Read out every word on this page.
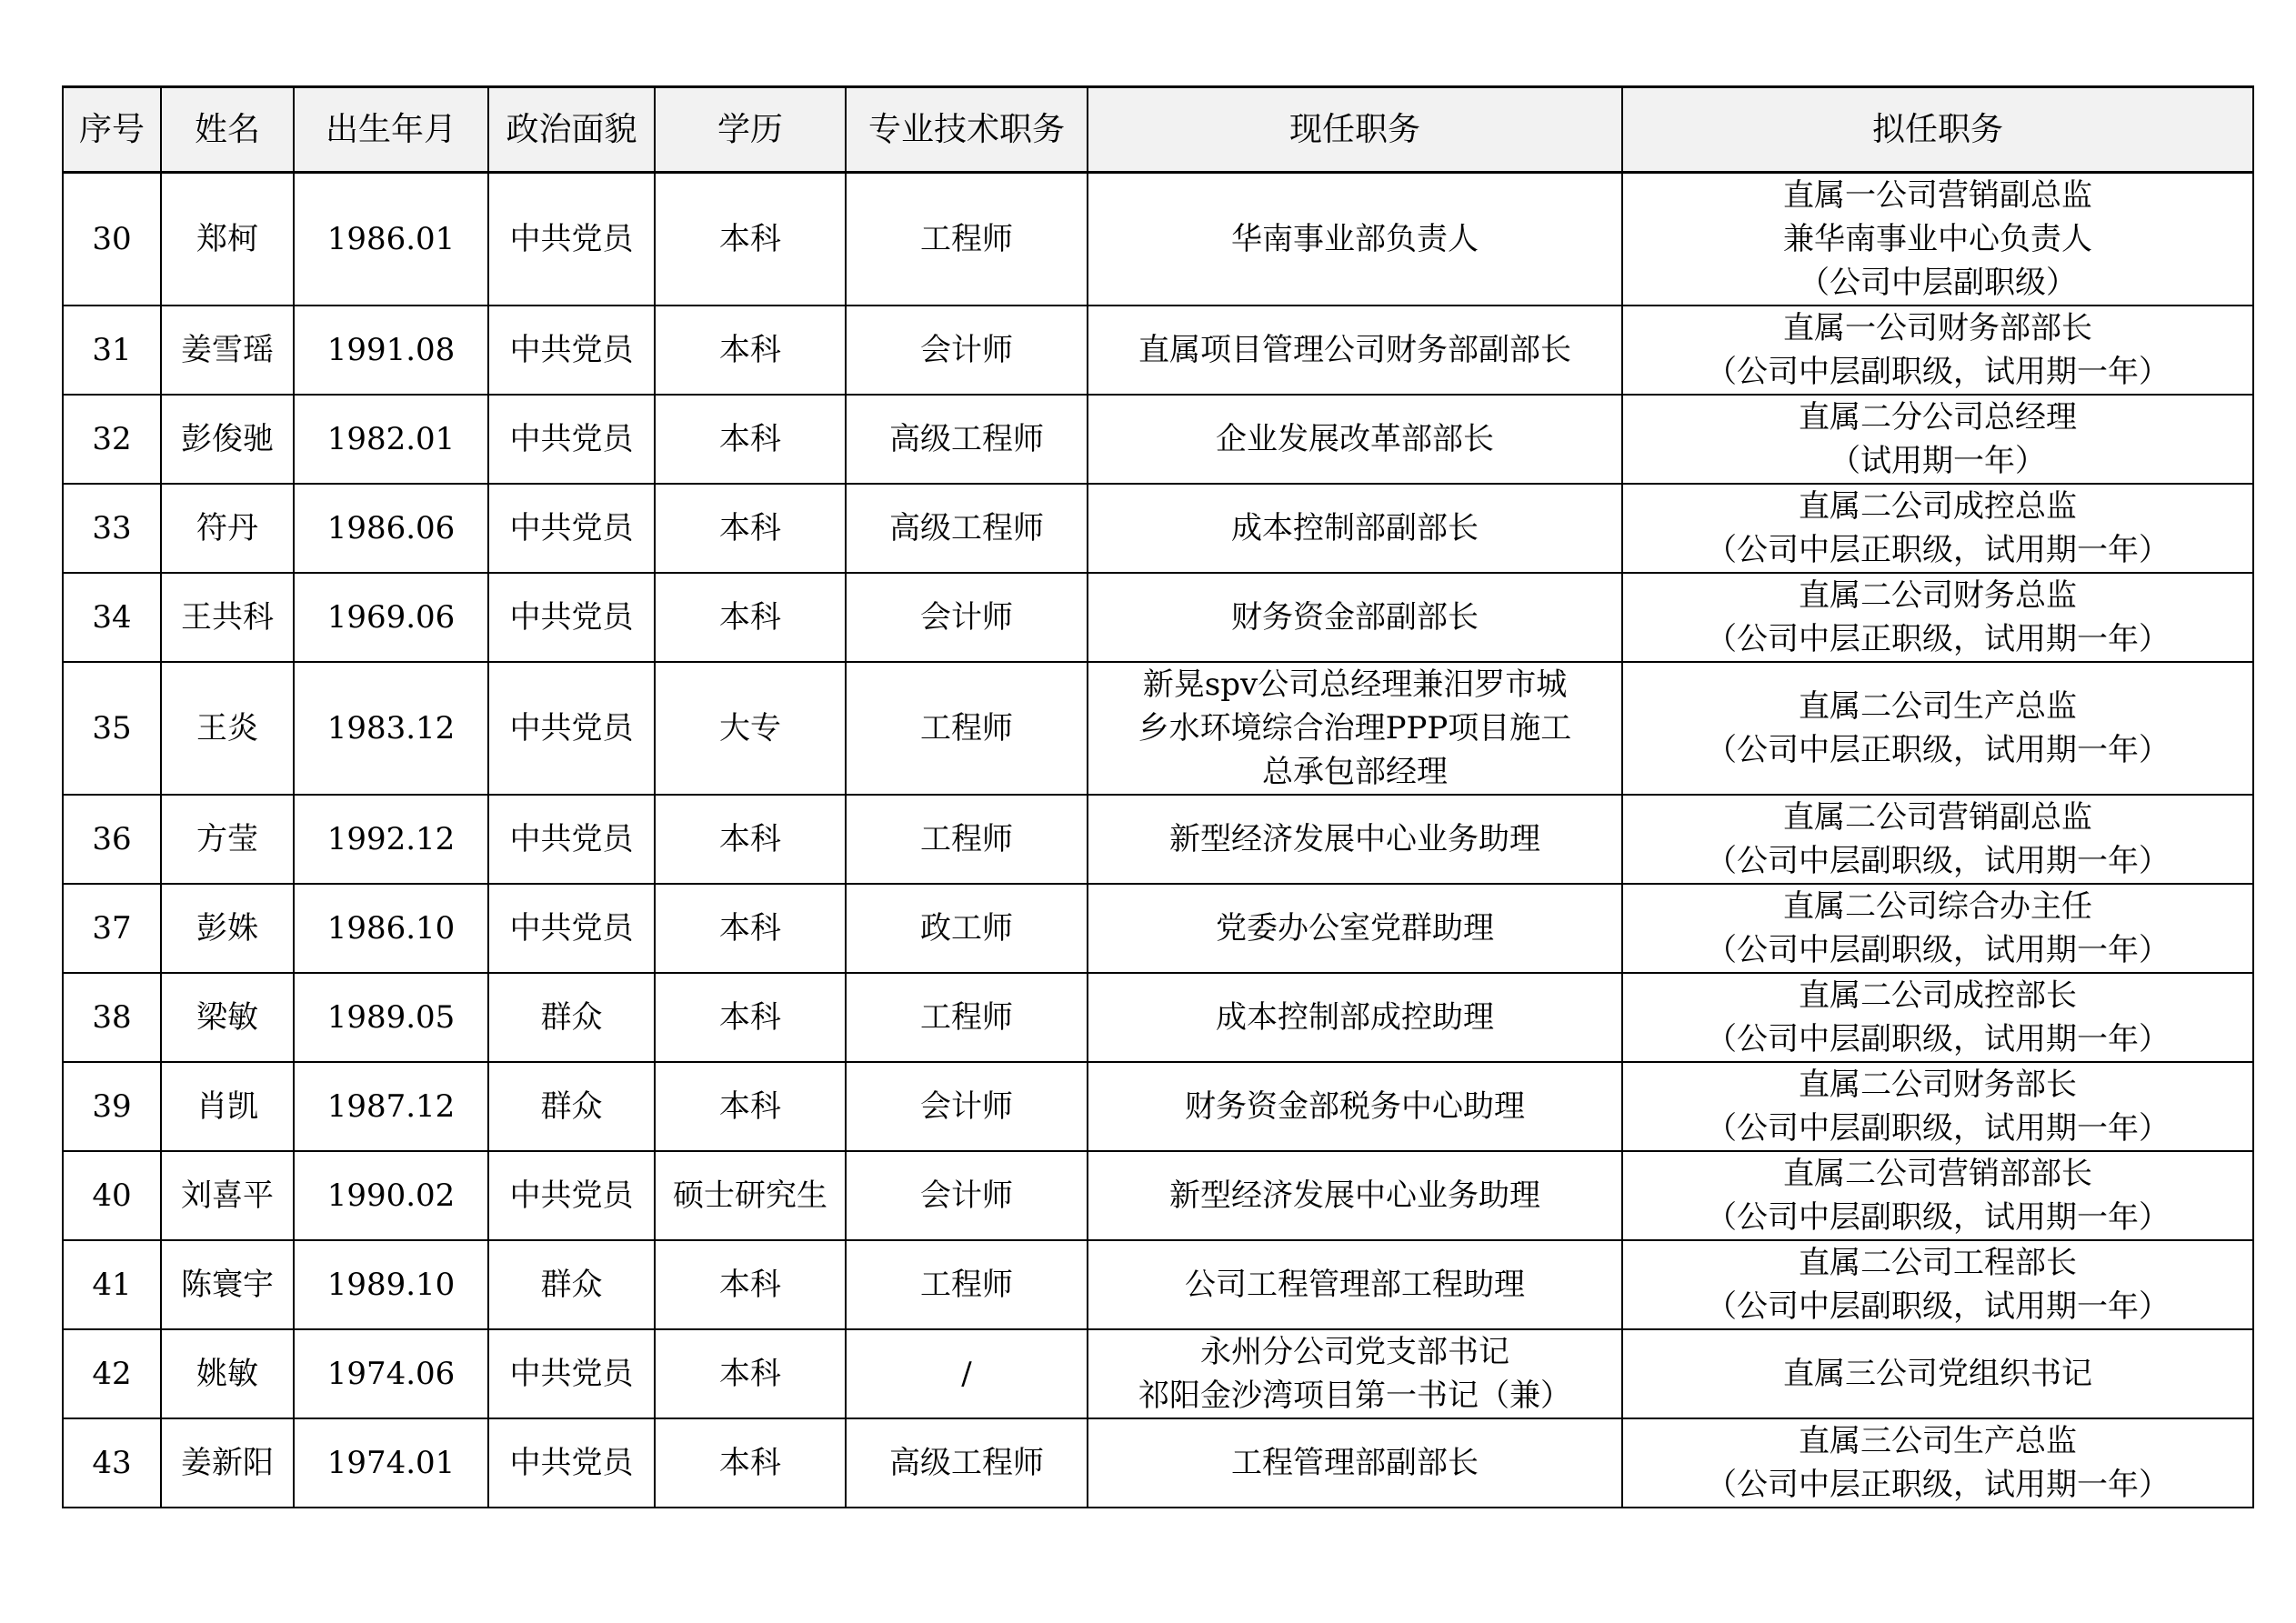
序号	姓名	出生年月	政治面貌	学历	专业技术职务	现任职务	拟任职务
30	郑柯	1986.01	中共党员	本科	工程师	华南事业部负责人	直属一公司营销副总监
兼华南事业中心负责人
（公司中层副职级）

31	姜雪瑶	1991.08	中共党员	本科	会计师	直属项目管理公司财务部副部长	直属一公司财务部部长
（公司中层副职级，试用期一年）

32	彭俊驰	1982.01	中共党员	本科	高级工程师	企业发展改革部部长	直属二分公司总经理
（试用期一年）

33	符丹	1986.06	中共党员	本科	高级工程师	成本控制部副部长	直属二公司成控总监
（公司中层正职级，试用期一年）

34	王共科	1969.06	中共党员	本科	会计师	财务资金部副部长	直属二公司财务总监
（公司中层正职级，试用期一年）

35	王炎	1983.12	中共党员	大专	工程师	新晃spv公司总经理兼汨罗市城
乡水环境综合治理PPP项目施工
总承包部经理	直属二公司生产总监
（公司中层正职级，试用期一年）

36	方莹	1992.12	中共党员	本科	工程师	新型经济发展中心业务助理	直属二公司营销副总监
（公司中层副职级，试用期一年）

37	彭姝	1986.10	中共党员	本科	政工师	党委办公室党群助理	直属二公司综合办主任
（公司中层副职级，试用期一年）

38	梁敏	1989.05	群众	本科	工程师	成本控制部成控助理	直属二公司成控部长
（公司中层副职级，试用期一年）

39	肖凯	1987.12	群众	本科	会计师	财务资金部税务中心助理	直属二公司财务部长
（公司中层副职级，试用期一年）

40	刘喜平	1990.02	中共党员	硕士研究生	会计师	新型经济发展中心业务助理	直属二公司营销部部长
（公司中层副职级，试用期一年）

41	陈寰宇	1989.10	群众	本科	工程师	公司工程管理部工程助理	直属二公司工程部长
（公司中层副职级，试用期一年）

42	姚敏	1974.06	中共党员	本科	/	永州分公司党支部书记
祁阳金沙湾项目第一书记（兼）	直属三公司党组织书记

43	姜新阳	1974.01	中共党员	本科	高级工程师	工程管理部副部长	直属三公司生产总监
（公司中层正职级，试用期一年）
